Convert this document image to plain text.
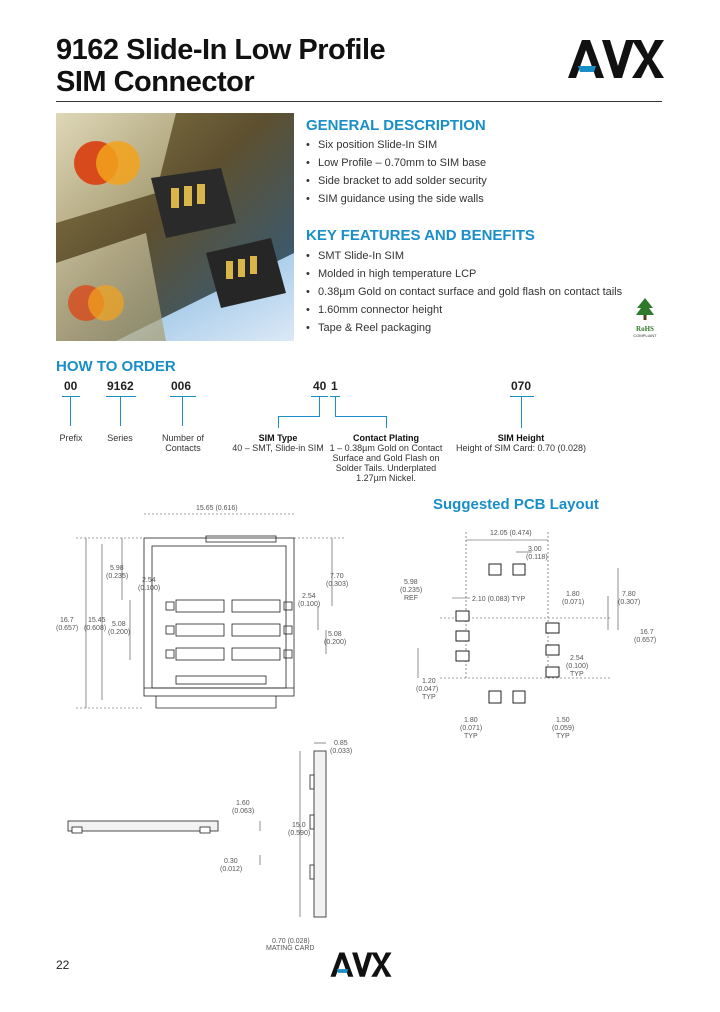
9162 Slide-In Low Profile
SIM Connector
AVX
GENERAL DESCRIPTION
• Six position Slide-In SIM
• Low Profile – 0.70mm to SIM base
• Side bracket to add solder security
• SIM guidance using the side walls
KEY FEATURES AND BENEFITS
• SMT Slide-In SIM
• Molded in high temperature LCP
• 0.38µm Gold on contact surface and gold flash on contact tails
• 1.60mm connector height
• Tape & Reel packaging	RoHS
COMPLIANT
HOW TO ORDER
00 9162	006	40 1	070
Prefix	Series	Number of
Contacts
SIM Type
40 – SMT, Slide-in SIM
Contact Plating
1 – 0.38µm Gold on Contact
Surface and Gold Flash on
Solder Tails. Underplated
1.27µm Nickel.
SIM Height
Height of SIM Card: 0.70 (0.028)
Suggested PCB Layout
12.05 (0.474)
3.00
(0.118)
5.98
(0.235)
REF	2.10 (0.083) TYP
1.80
(0.071)
7.80
(0.307)
16.7
(0.657)
2.54
(0.100)
TYP
1.20
(0.047)
TYP
1.80
(0.071)
TYP
1.50
(0.059)
TYP
15.65 (0.616)
5.98
(0.235)
2.54
(0.100)
5.08
(0.200)
16.7
(0.657)
15.45
(0.608)
7.70
(0.303)
2.54
(0.100)
5.08
(0.200)
0.85
(0.033)
1.60
(0.063)
15.0
(0.590)
0.30
(0.012)
0.70 (0.028)
MATING CARD
22
AVX
